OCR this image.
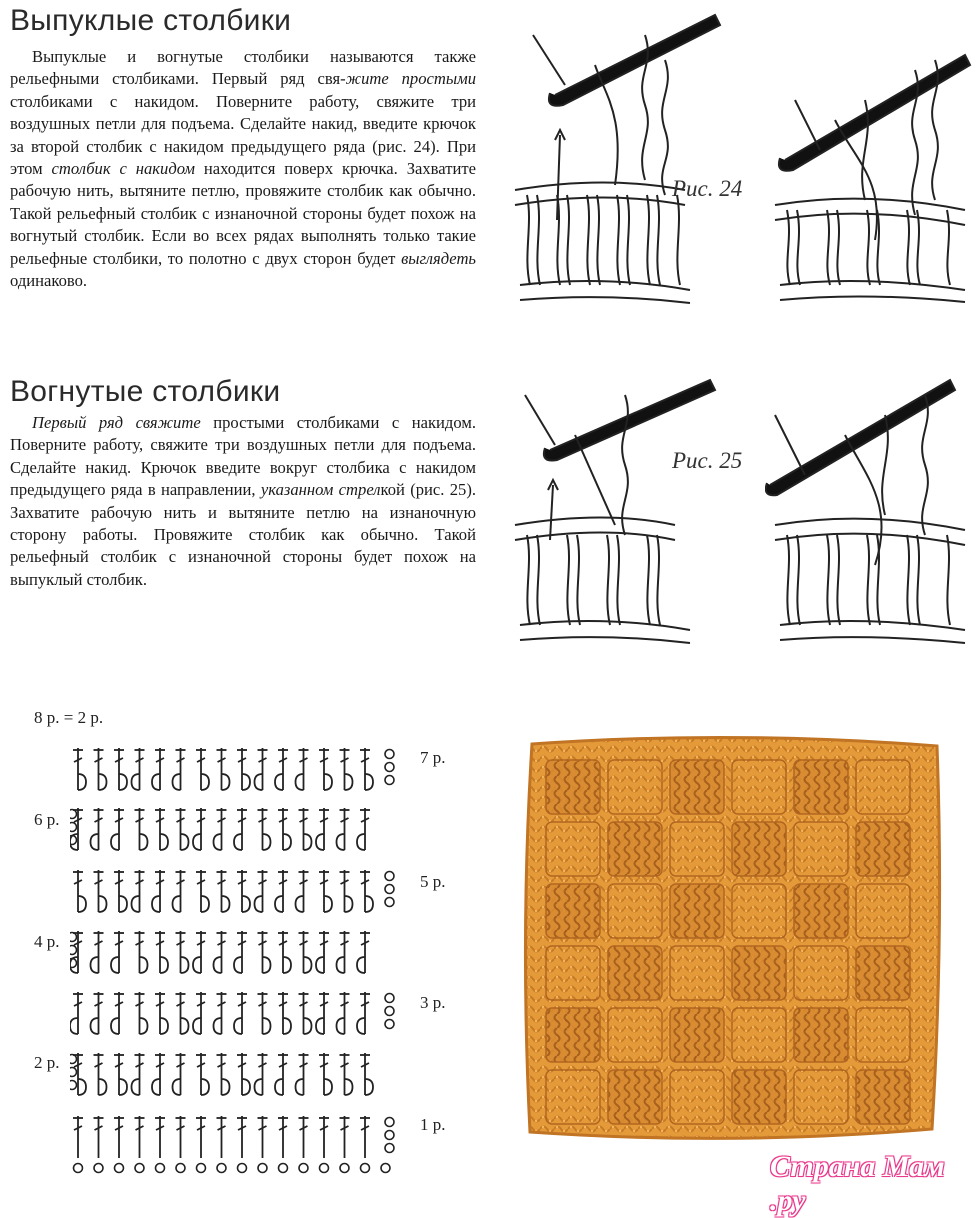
Выпуклые столбики

Выпуклые и вогнутые столбики называются также рельефными столбиками. Первый ряд свя-жите простыми столбиками с накидом. Поверните работу, свяжите три воздушных петли для подъема. Сделайте накид, введите крючок за второй столбик с накидом предыдущего ряда (рис. 24). При этом столбик с накидом находится поверх крючка. Захватите рабочую нить, вытяните петлю, провяжите столбик как обычно. Такой рельефный столбик с изнаночной стороны будет похож на вогнутый столбик. Если во всех рядах выполнять только такие рельефные столбики, то полотно с двух сторон будет выглядеть одинаково.

Вогнутые столбики

Первый ряд свяжите простыми столбиками с накидом. Поверните работу, свяжите три воздушных петли для подъема. Сделайте накид. Крючок введите вокруг столбика с накидом предыдущего ряда в направлении, указанном стрелкой (рис. 25). Захватите рабочую нить и вытяните петлю на изнаночную сторону работы. Провяжите столбик как обычно. Такой рельефный столбик с изнаночной стороны будет похож на выпуклый столбик.

Рис. 24
Рис. 25
8 р. = 2 р.
7 р.
6 р.
5 р.
4 р.
3 р.
2 р.
1 р.
Страна Мам .ру
